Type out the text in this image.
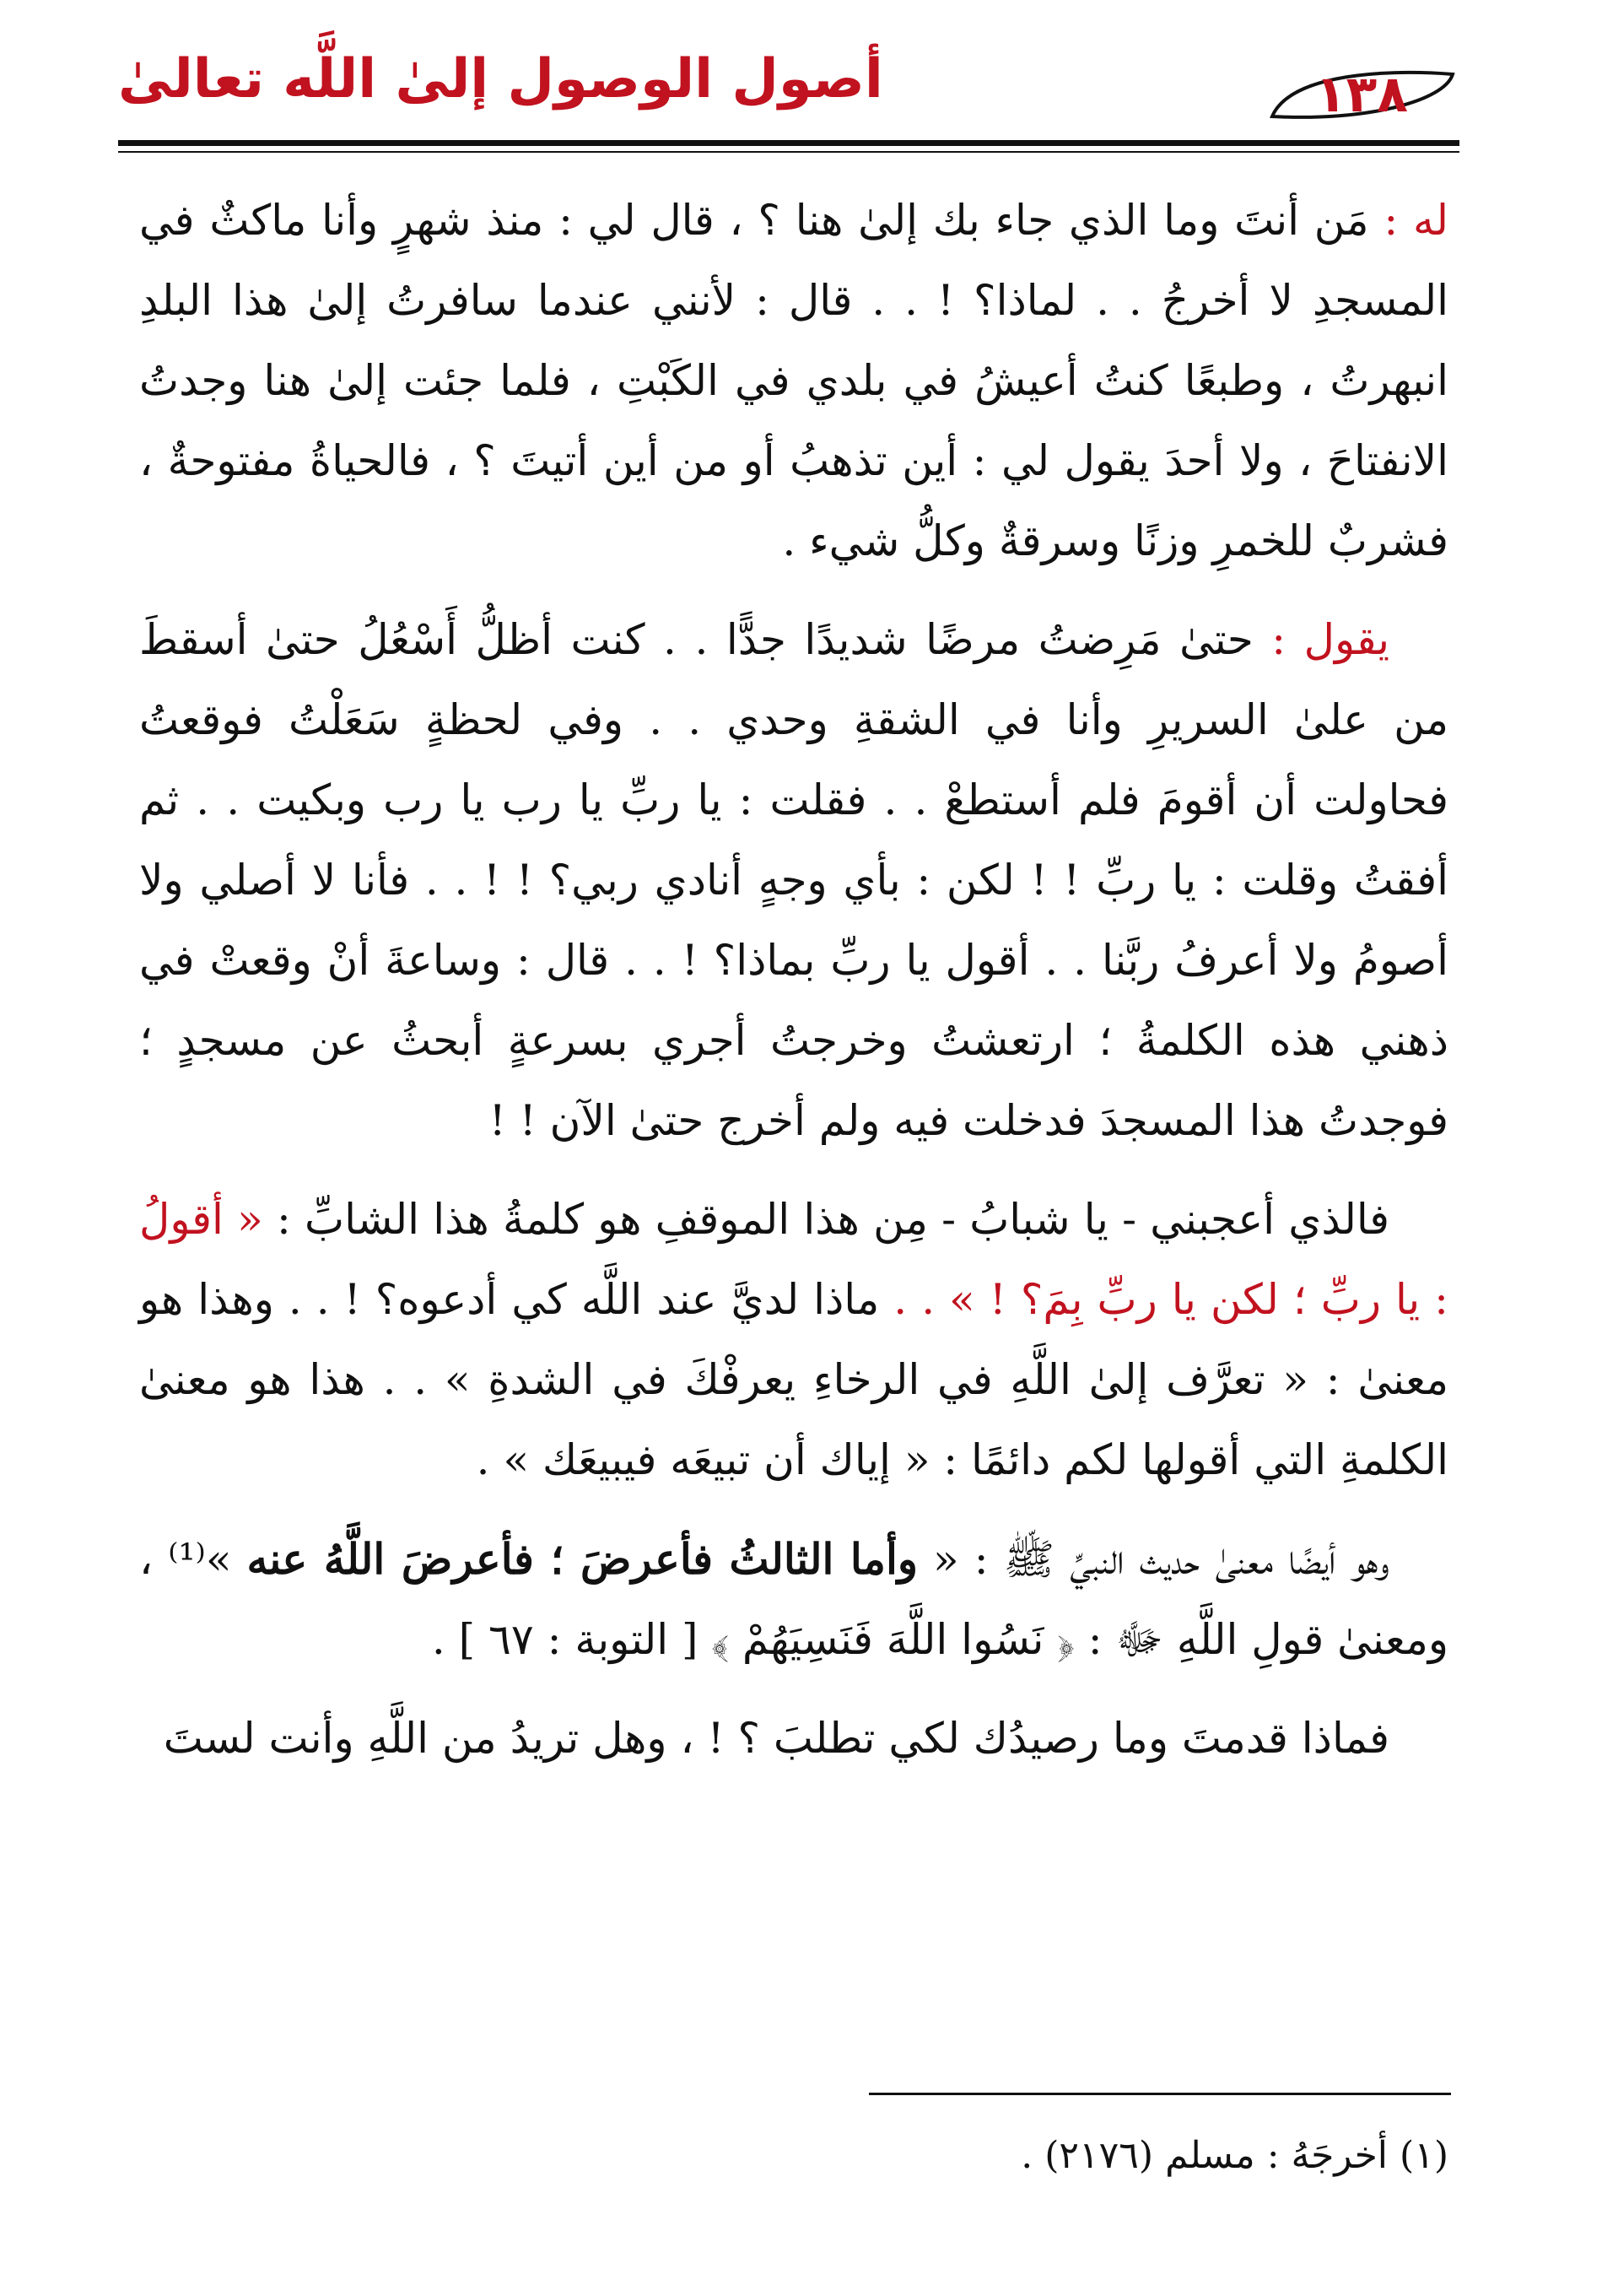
أصول الوصول إلىٰ اللَّه تعالىٰ	١٣٨

له : مَن أنتَ وما الذي جاء بك إلىٰ هنا ؟ ، قال لي : منذ شهرٍ وأنا ماكثٌ في المسجدِ لا أخرجُ . . لماذا؟ ! . . قال : لأنني عندما سافرتُ إلىٰ هذا البلدِ انبهرتُ ، وطبعًا كنتُ أعيشُ في بلدي في الكَبْتِ ، فلما جئت إلىٰ هنا وجدتُ الانفتاحَ ، ولا أحدَ يقول لي : أين تذهبُ أو من أين أتيتَ ؟ ، فالحياةُ مفتوحةٌ ، فشربٌ للخمرِ وزنًا وسرقةٌ وكلُّ شيء .

يقول : حتىٰ مَرِضتُ مرضًا شديدًا جدًّا . . كنت أظلُّ أَسْعُلُ حتىٰ أسقطَ من علىٰ السريرِ وأنا في الشقةِ وحدي . . وفي لحظةٍ سَعَلْتُ فوقعتُ فحاولت أن أقومَ فلم أستطعْ . . فقلت : يا ربِّ يا رب يا رب وبكيت . . ثم أفقتُ وقلت : يا ربِّ ! ! لكن : بأي وجهٍ أنادي ربي؟ ! ! . . فأنا لا أصلي ولا أصومُ ولا أعرفُ ربَّنا . . أقول يا ربِّ بماذا؟ ! . . قال : وساعةَ أنْ وقعتْ في ذهني هذه الكلمةُ ؛ ارتعشتُ وخرجتُ أجري بسرعةٍ أبحثُ عن مسجدٍ ؛ فوجدتُ هذا المسجدَ فدخلت فيه ولم أخرج حتىٰ الآن ! !

فالذي أعجبني - يا شبابُ - مِن هذا الموقفِ هو كلمةُ هذا الشابِّ : « أقولُ : يا ربِّ ؛ لكن يا ربِّ بِمَ؟ ! » . . ماذا لديَّ عند اللَّه كي أدعوه؟ ! . . وهذا هو معنىٰ : « تعرَّف إلىٰ اللَّهِ في الرخاءِ يعرفْكَ في الشدةِ » . . هذا هو معنىٰ الكلمةِ التي أقولها لكم دائمًا : « إياك أن تبيعَه فيبيعَك » .

وهو أيضًا معنىٰ حديث النبيِّ ﷺ : « وأما الثالثُ فأعرضَ ؛ فأعرضَ اللَّهُ عنه »⁽¹⁾ ، ومعنىٰ قولِ اللَّهِ ﷻ : ﴿ نَسُوا اللَّهَ فَنَسِيَهُمْ ﴾ [ التوبة : ٦٧ ] .

فماذا قدمتَ وما رصيدُك لكي تطلبَ ؟ ! ، وهل تريدُ من اللَّهِ وأنت لستَ

(١) أخرجَهُ : مسلم (٢١٧٦) .
